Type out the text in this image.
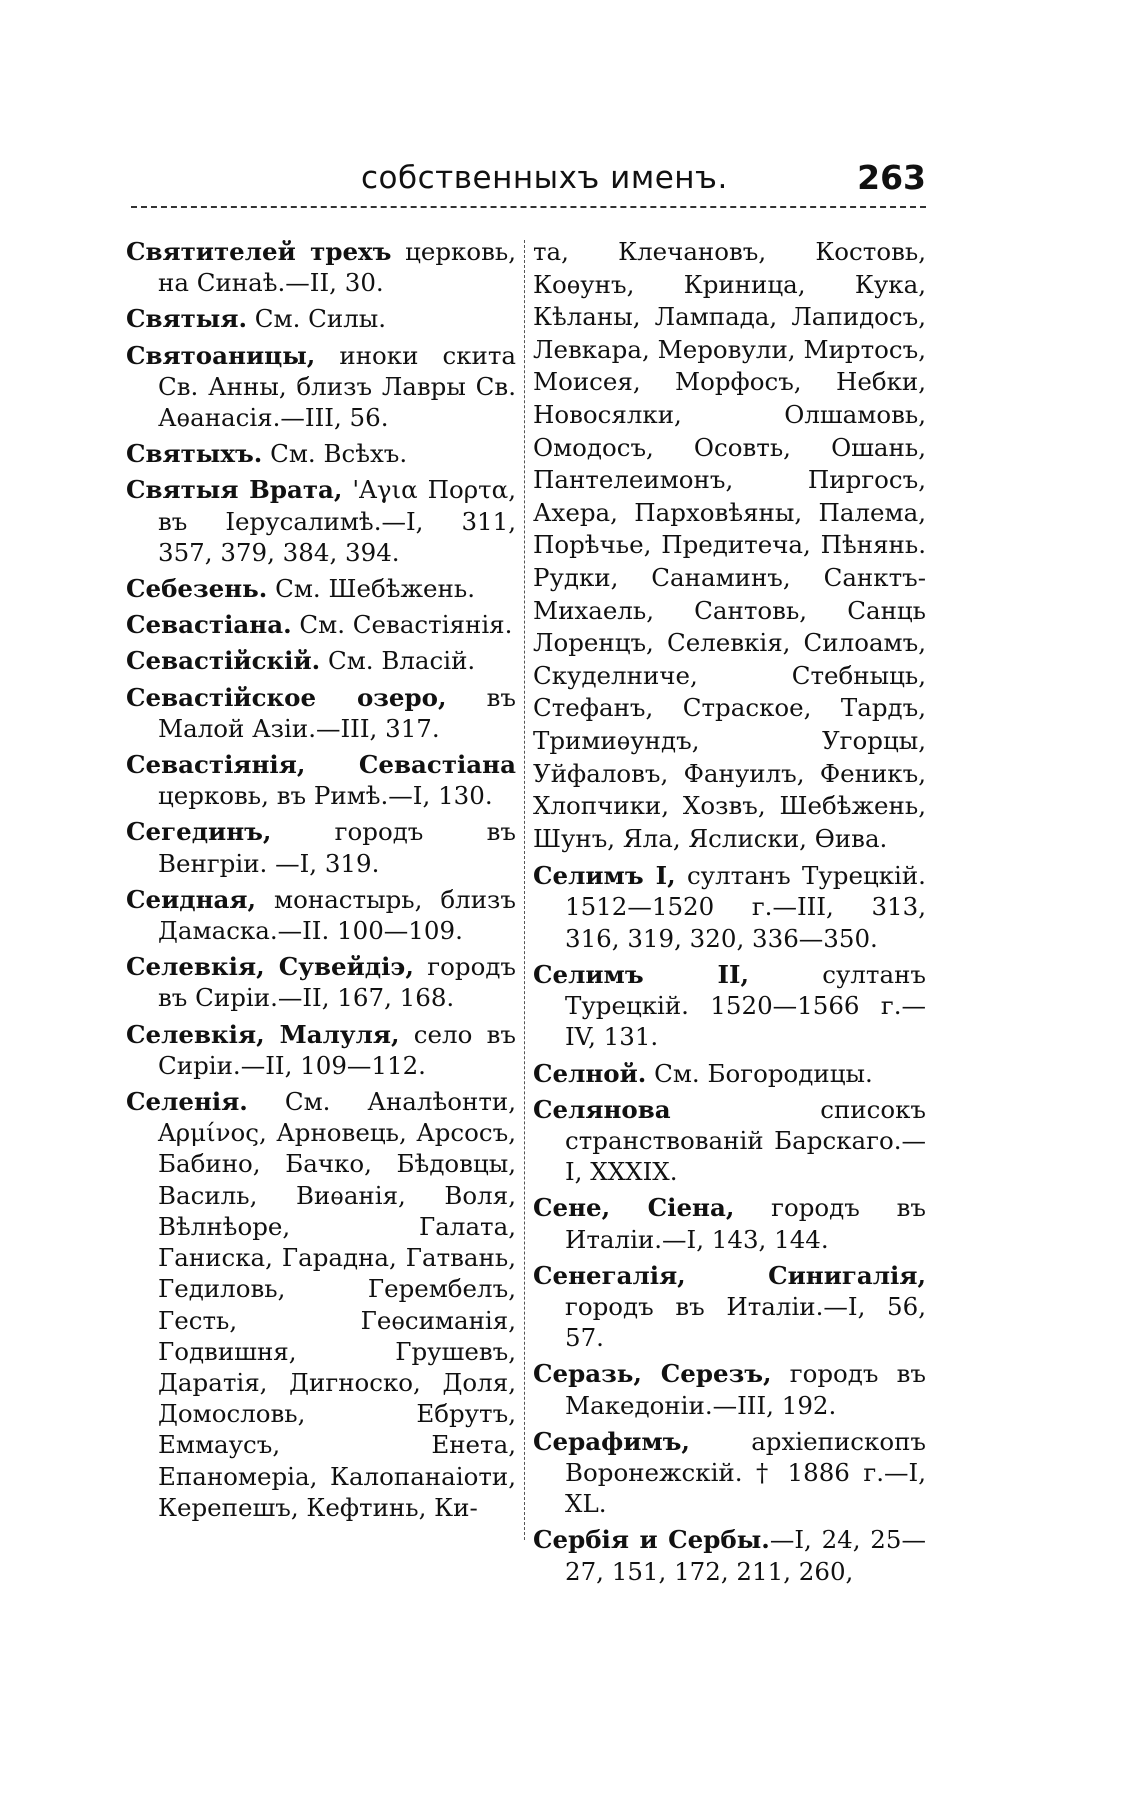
собственныхъ именъ.	263

Святителей трехъ церковь, на Синаѣ.—II, 30.

Святыя. См. Силы.

Святоаницы, иноки скита Св. Анны, близъ Лавры Св. Аѳанасія.—III, 56.

Святыхъ. См. Всѣхъ.

Святыя Врата, 'Αγια Πορτα, въ Іерусалимѣ.—I, 311, 357, 379, 384, 394.

Себезень. См. Шебѣжень.

Севастіана. См. Севастіянія.

Севастійскій. См. Власій.

Севастійское озеро, въ Малой Азіи.—III, 317.

Севастіянія, Севастіана церковь, въ Римѣ.—I, 130.

Сегединъ, городъ въ Венгріи. —I, 319.

Сеидная, монастырь, близъ Дамаска.—II. 100—109.

Селевкія, Сувейдіэ, городъ въ Сиріи.—II, 167, 168.

Селевкія, Малуля, село въ Сиріи.—II, 109—112.

Селенія. См. Аналѣонти, Αρμίνος, Арновець, Арсосъ, Бабино, Бачко, Бѣдовцы, Василь, Виѳанія, Воля, Вѣлнѣоре, Галата, Ганиска, Гарадна, Гатвань, Гедиловь, Герембелъ, Гесть, Геѳсиманія, Годвишня, Грушевъ, Даратія, Дигноско, Доля, Домословь, Ебрутъ, Еммаусъ, Енета, Епаномеріа, Калопанаіоти, Керепешъ, Кефтинь, Ки-

та, Клечановъ, Костовь, Коѳунъ, Криница, Кука, Кѣланы, Лампада, Лапидосъ, Левкара, Меровули, Миртосъ, Моисея, Морфосъ, Небки, Новосялки, Олшамовь, Омодосъ, Осовть, Ошань, Пантелеимонъ, Пиргосъ, Ахера, Парховѣяны, Палема, Порѣчье, Предитеча, Пѣнянь. Рудки, Санаминъ, Санктъ-Михаель, Сантовь, Санць Лоренцъ, Селевкія, Силоамъ, Скуделниче, Стебныць, Стефанъ, Страское, Тардъ, Тримиѳундъ, Угорцы, Уйфаловъ, Фануилъ, Феникъ, Хлопчики, Хозвъ, Шебѣжень, Шунъ, Яла, Яслиски, Ѳива.

Селимъ I, султанъ Турецкій. 1512—1520 г.—III, 313, 316, 319, 320, 336—350.

Селимъ II, султанъ Турецкій. 1520—1566 г.—IV, 131.

Селной. См. Богородицы.

Селянова списокъ странствованій Барскаго.—I, XXXIX.

Сене, Сіена, городъ въ Италіи.—I, 143, 144.

Сенегалія, Синигалія, городъ въ Италіи.—I, 56, 57.

Серазь, Серезъ, городъ въ Македоніи.—III, 192.

Серафимъ, архіепископъ Воронежскій. † 1886 г.—I, XL.

Сербія и Сербы.—I, 24, 25—27, 151, 172, 211, 260,
